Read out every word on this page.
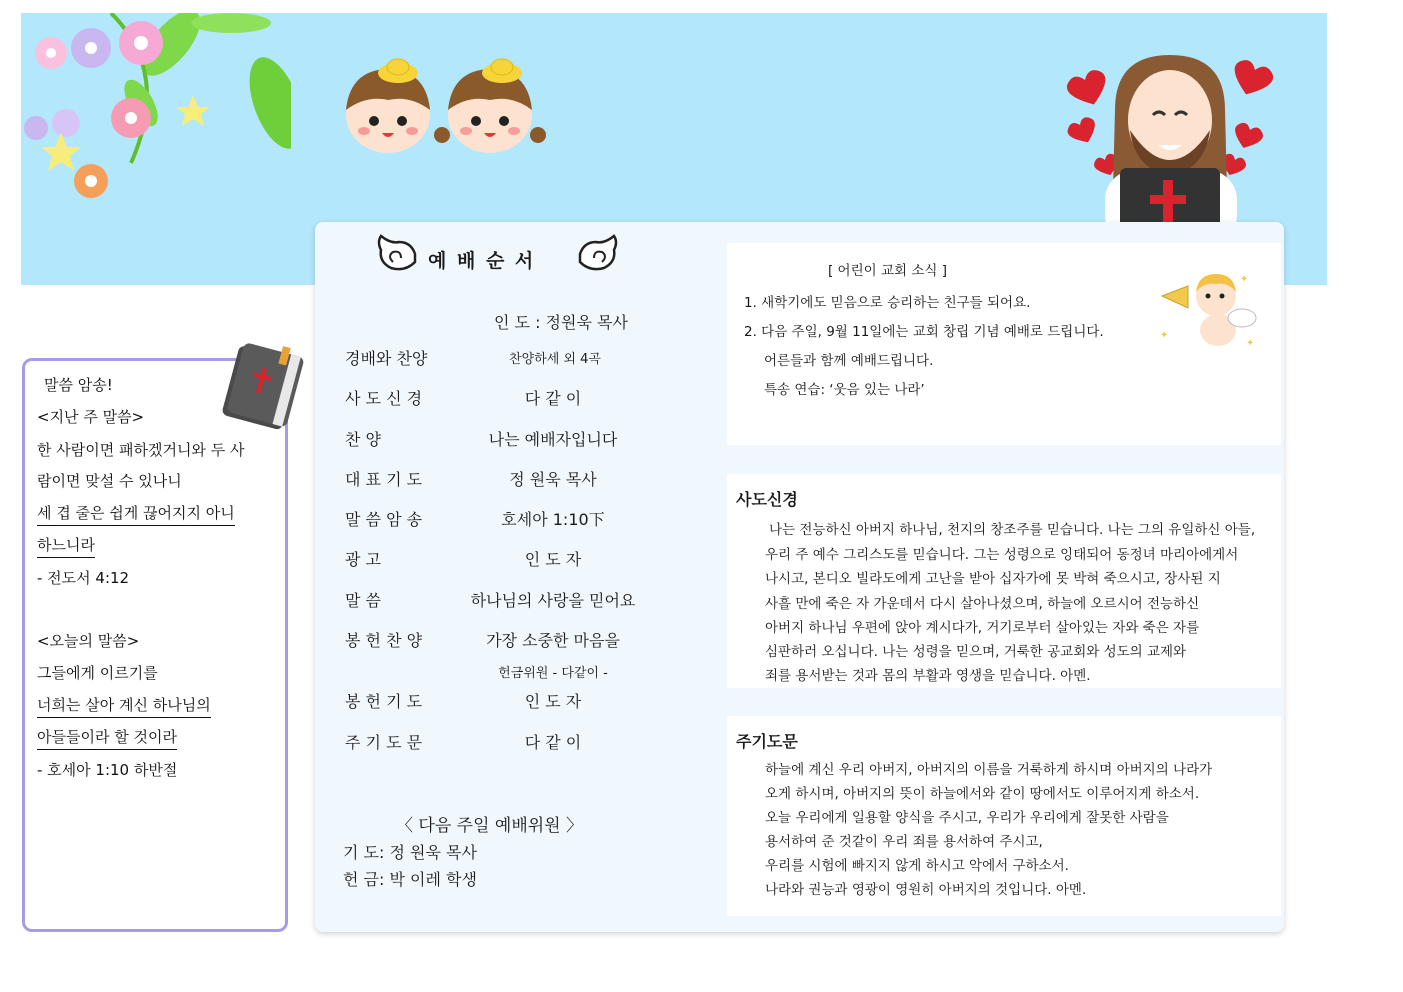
말씀 암송!
<지난 주 말씀>
한 사람이면 패하겠거니와 두 사
람이면 맞설 수 있나니
세 겹 줄은 쉽게 끊어지지 아니
하느니라
- 전도서 4:12
<오늘의 말씀>
그들에게 이르기를
너희는 살아 계신 하나님의
아들들이라 할 것이라
- 호세아 1:10 하반절
예 배 순 서
인 도 : 정원욱 목사
경배와 찬양	찬양하세 외 4곡
사 도 신 경	다 같 이
찬 양	나는 예배자입니다
대 표 기 도	정 원욱 목사
말 씀 암 송	호세아 1:10下
광 고	인 도 자
말 씀	하나님의 사랑을 믿어요
봉 헌 찬 양	가장 소중한 마음을
헌금위원 - 다같이 -
봉 헌 기 도	인 도 자
주 기 도 문	다 같 이
〈 다음 주일 예배위원 〉
기 도: 정 원욱 목사
헌 금: 박 이레 학생
[ 어린이 교회 소식 ]
1. 새학기에도 믿음으로 승리하는 친구들 되어요.
2. 다음 주일, 9월 11일에는 교회 창립 기념 예배로 드립니다.
어른들과 함께 예배드립니다.
특송 연습: ‘웃음 있는 나라’
✦
✦
✦
사도신경
나는 전능하신 아버지 하나님, 천지의 창조주를 믿습니다. 나는 그의 유일하신 아들,
우리 주 예수 그리스도를 믿습니다. 그는 성령으로 잉태되어 동정녀 마리아에게서
나시고, 본디오 빌라도에게 고난을 받아 십자가에 못 박혀 죽으시고, 장사된 지
사흘 만에 죽은 자 가운데서 다시 살아나셨으며, 하늘에 오르시어 전능하신
아버지 하나님 우편에 앉아 계시다가, 거기로부터 살아있는 자와 죽은 자를
심판하러 오십니다. 나는 성령을 믿으며, 거룩한 공교회와 성도의 교제와
죄를 용서받는 것과 몸의 부활과 영생을 믿습니다. 아멘.
주기도문
하늘에 계신 우리 아버지, 아버지의 이름을 거룩하게 하시며 아버지의 나라가
오게 하시며, 아버지의 뜻이 하늘에서와 같이 땅에서도 이루어지게 하소서.
오늘 우리에게 일용할 양식을 주시고, 우리가 우리에게 잘못한 사람을
용서하여 준 것같이 우리 죄를 용서하여 주시고,
우리를 시험에 빠지지 않게 하시고 악에서 구하소서.
나라와 권능과 영광이 영원히 아버지의 것입니다. 아멘.
